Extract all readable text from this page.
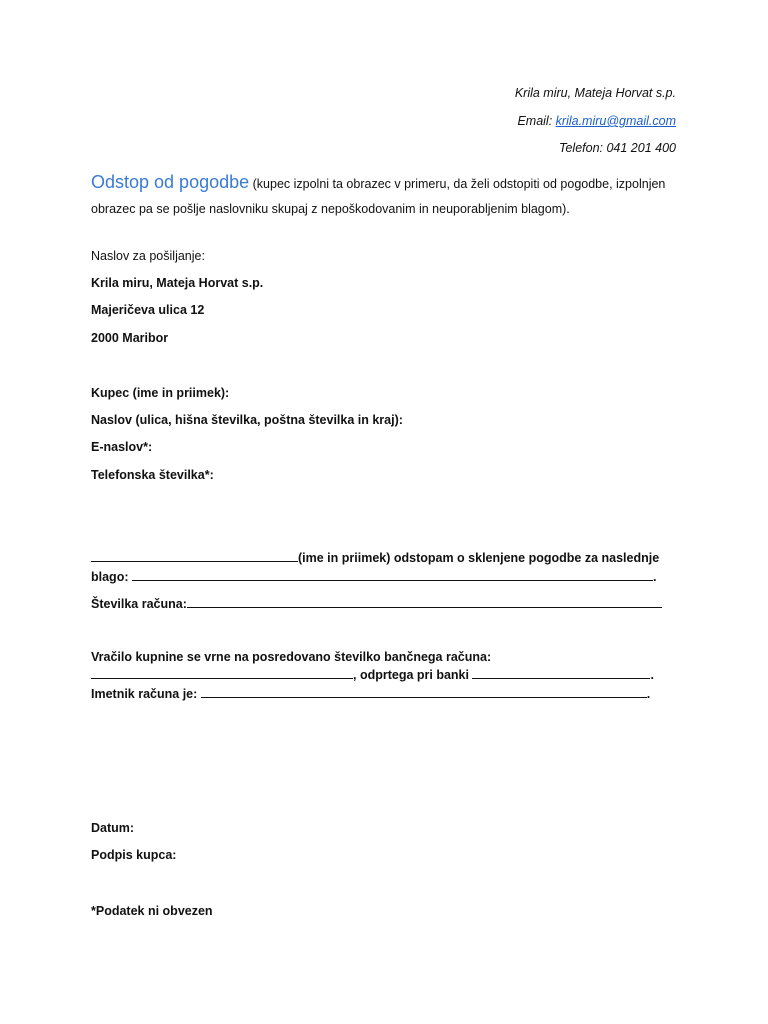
Krila miru, Mateja Horvat s.p.
Email: krila.miru@gmail.com
Telefon: 041 201 400
Odstop od pogodbe (kupec izpolni ta obrazec v primeru, da želi odstopiti od pogodbe, izpolnjen obrazec pa se pošlje naslovniku skupaj z nepoškodovanim in neuporabljenim blagom).
Naslov za pošiljanje:
Krila miru, Mateja Horvat s.p.
Majeričeva ulica 12
2000 Maribor
Kupec (ime in priimek):
Naslov (ulica, hišna številka, poštna številka in kraj):
E-naslov*:
Telefonska številka*:
(ime in priimek) odstopam o sklenjene pogodbe za naslednje
blago:	.
Številka računa:
Vračilo kupnine se vrne na posredovano številko bančnega računa:
, odprtega pri banki	.
Imetnik računa je:	.
Datum:
Podpis kupca:
*Podatek ni obvezen
